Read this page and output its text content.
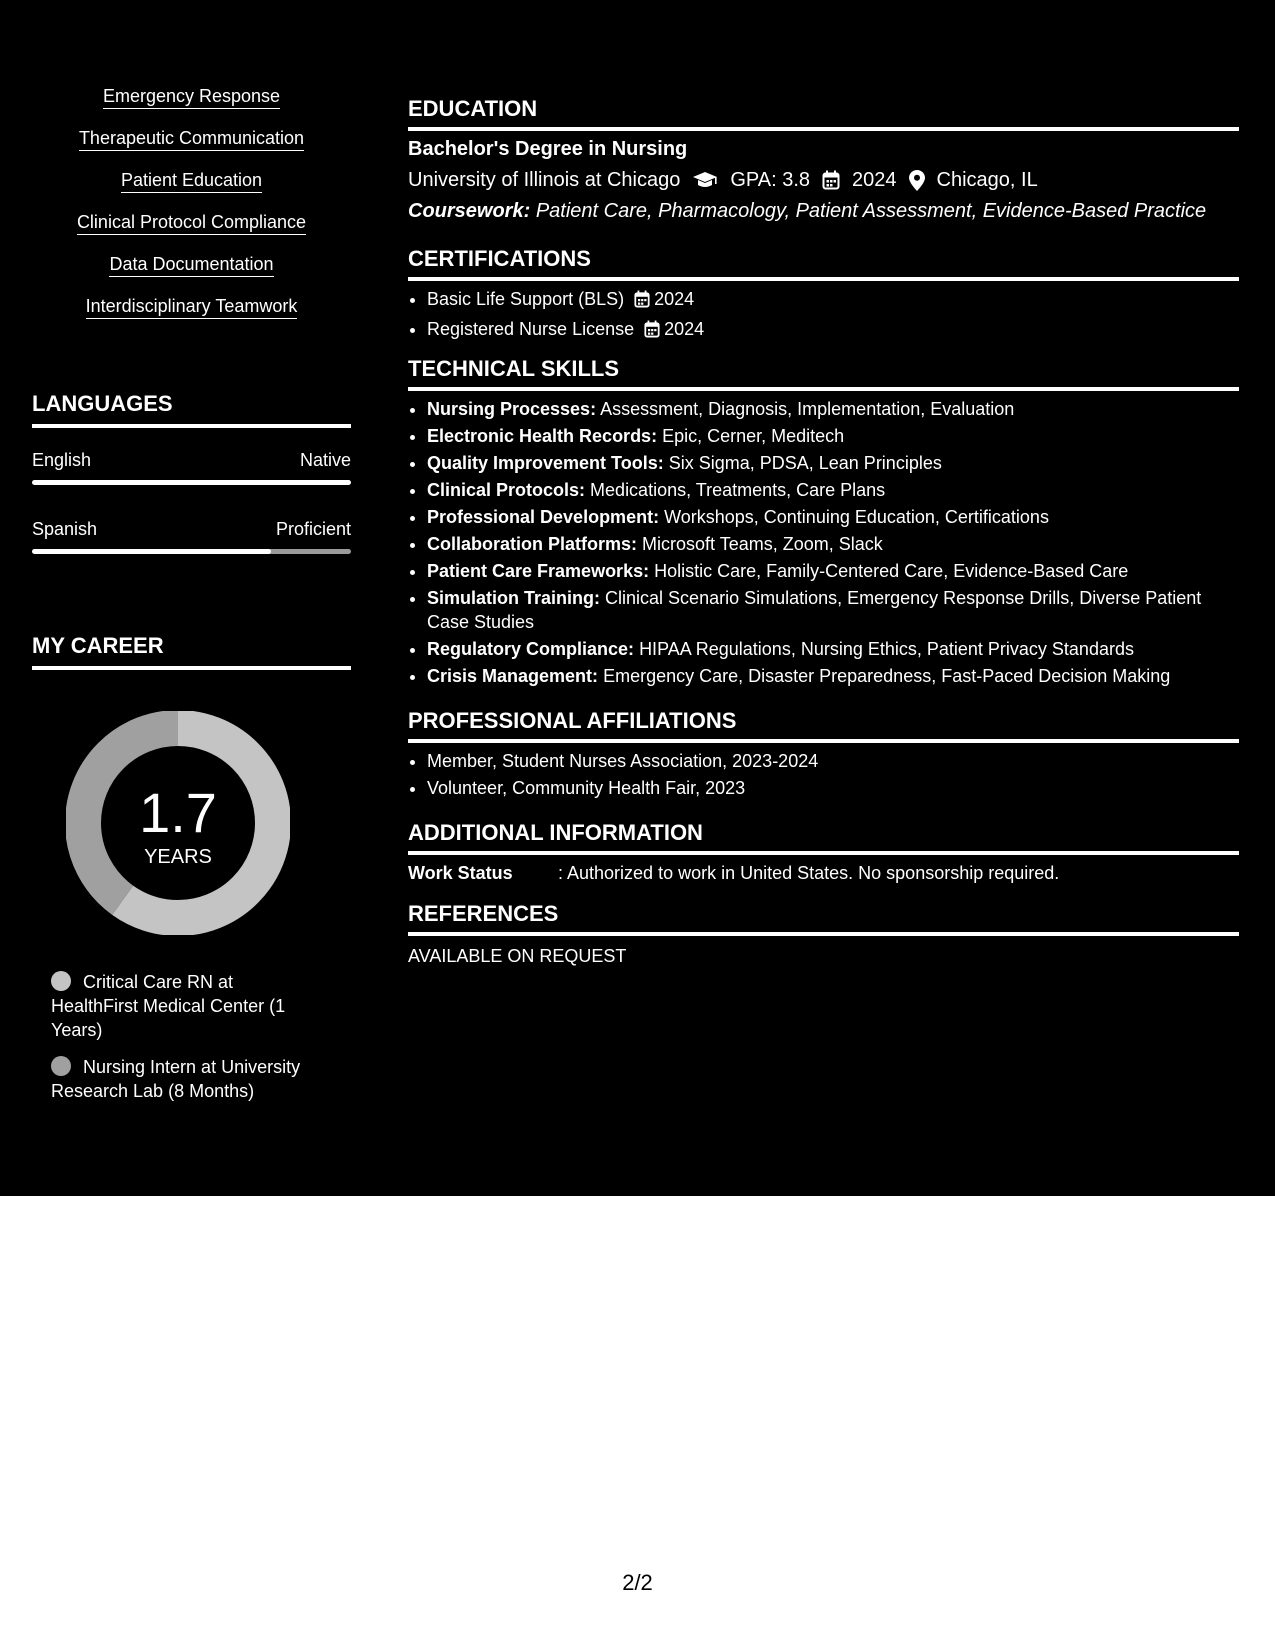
Emergency Response
Therapeutic Communication
Patient Education
Clinical Protocol Compliance
Data Documentation
Interdisciplinary Teamwork
LANGUAGES
English	Native
Spanish	Proficient
MY CAREER
1.7
YEARS
Critical Care RN at HealthFirst Medical Center (1 Years)
Nursing Intern at University Research Lab (8 Months)
EDUCATION
Bachelor's Degree in Nursing
University of Illinois at Chicago	GPA: 3.8 2024 Chicago, IL
Coursework: Patient Care, Pharmacology, Patient Assessment, Evidence-Based Practice
CERTIFICATIONS
• Basic Life Support (BLS) 2024
• Registered Nurse License 2024
TECHNICAL SKILLS
• Nursing Processes: Assessment, Diagnosis, Implementation, Evaluation
• Electronic Health Records: Epic, Cerner, Meditech
• Quality Improvement Tools: Six Sigma, PDSA, Lean Principles
• Clinical Protocols: Medications, Treatments, Care Plans
• Professional Development: Workshops, Continuing Education, Certifications
• Collaboration Platforms: Microsoft Teams, Zoom, Slack
• Patient Care Frameworks: Holistic Care, Family-Centered Care, Evidence-Based Care
• Simulation Training: Clinical Scenario Simulations, Emergency Response Drills, Diverse Patient Case Studies
• Regulatory Compliance: HIPAA Regulations, Nursing Ethics, Patient Privacy Standards
• Crisis Management: Emergency Care, Disaster Preparedness, Fast-Paced Decision Making
PROFESSIONAL AFFILIATIONS
• Member, Student Nurses Association, 2023-2024
• Volunteer, Community Health Fair, 2023
ADDITIONAL INFORMATION
Work Status	: Authorized to work in United States. No sponsorship required.
REFERENCES
AVAILABLE ON REQUEST
2/2
